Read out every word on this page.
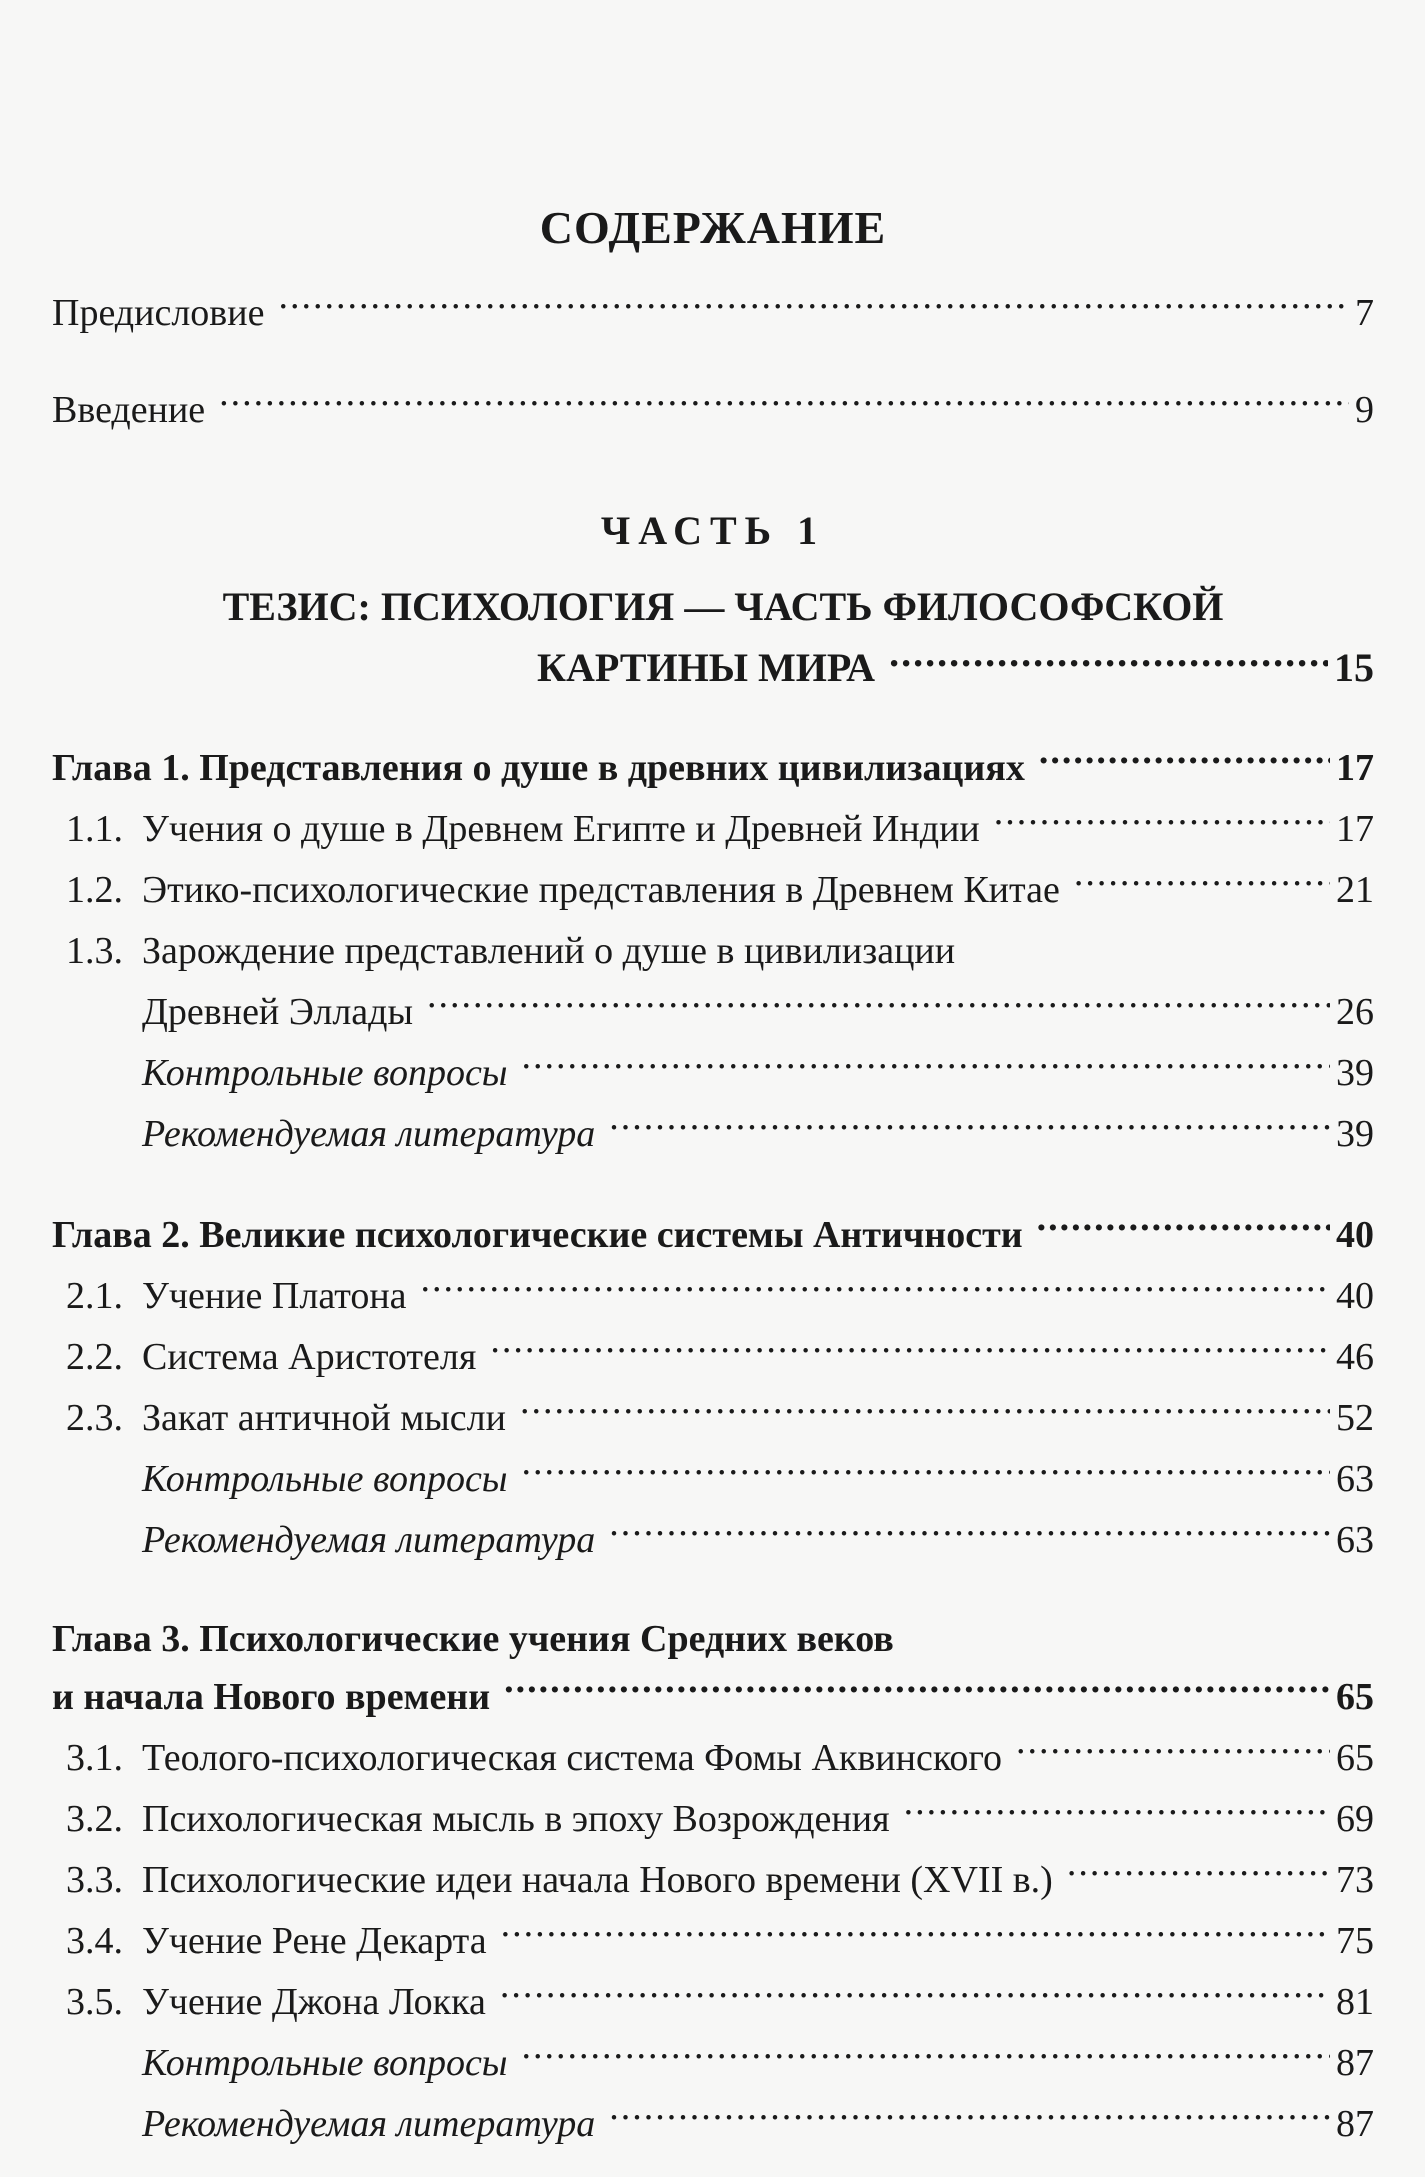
СОДЕРЖАНИЕ
Предисловие .....	7
Введение .....	9
ЧАСТЬ 1
ТЕЗИС: ПСИХОЛОГИЯ — ЧАСТЬ ФИЛОСОФСКОЙ
КАРТИНЫ МИРА .....	15
Глава 1. Представления о душе в древних цивилизациях .....	17
1.1. Учения о душе в Древнем Египте и Древней Индии .....	17
1.2. Этико-психологические представления в Древнем Китае .....	21
1.3. Зарождение представлений о душе в цивилизации
Древней Эллады .....	26
Контрольные вопросы .....	39
Рекомендуемая литература .....	39
Глава 2. Великие психологические системы Античности .....	40
2.1. Учение Платона .....	40
2.2. Система Аристотеля .....	46
2.3. Закат античной мысли .....	52
Контрольные вопросы .....	63
Рекомендуемая литература .....	63
Глава 3. Психологические учения Средних веков
и начала Нового времени .....	65
3.1. Теолого-психологическая система Фомы Аквинского .....	65
3.2. Психологическая мысль в эпоху Возрождения .....	69
3.3. Психологические идеи начала Нового времени (XVII в.) .....	73
3.4. Учение Рене Декарта .....	75
3.5. Учение Джона Локка .....	81
Контрольные вопросы .....	87
Рекомендуемая литература .....	87
